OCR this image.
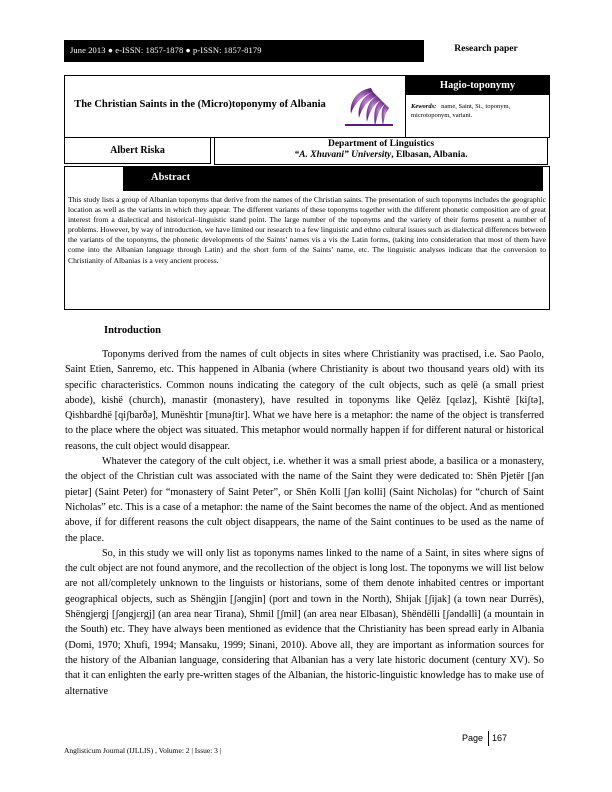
June 2013 ● e-ISSN: 1857-1878 ● p-ISSN: 1857-8179	Research paper
The Christian Saints in the (Micro)toponymy of Albania
Hagio-toponymy
Kewords: name, Saint, St., toponym, microtoponym, variant.
Albert Riska
Department of Linguistics
“A. Xhuvani” University, Elbasan, Albania.
Abstract
This study lists a group of Albanian toponyms that derive from the names of the Christian saints. The presentation of such toponyms includes the geographic location as well as the variants in which they appear. The different variants of these toponyms together with the different phonetic composition are of great interest from a dialectical and historical–linguistic stand point. The large number of the toponyms and the variety of their forms present a number of problems. However, by way of introduction, we have limited our research to a few linguistic and ethno cultural issues such as dialectical differences between the variants of the toponyms, the phonetic developments of the Saints’ names vis a vis the Latin forms, (taking into consideration that most of them have come into the Albanian language through Latin) and the short form of the Saints’ name, etc. The linguistic analyses indicate that the conversion to Christianity of Albanias is a very ancient process.
Introduction

Toponyms derived from the names of cult objects in sites where Christianity was practised, i.e. Sao Paolo, Saint Etien, Sanremo, etc. This happened in Albania (where Christianity is about two thousand years old) with its specific characteristics. Common nouns indicating the category of the cult objects, such as qelë (a small priest abode), kishë (church), manastir (monastery), have resulted in toponyms like Qelëz [qɛləz], Kishtë [kiʃtə], Qishbardhë [qiʃbarðə], Munështir [munəʃtir]. What we have here is a metaphor: the name of the object is transferred to the place where the object was situated. This metaphor would normally happen if for different natural or historical reasons, the cult object would disappear.

Whatever the category of the cult object, i.e. whether it was a small priest abode, a basilica or a monastery, the object of the Christian cult was associated with the name of the Saint they were dedicated to: Shën Pjetër [ʃən pietər] (Saint Peter) for “monastery of Saint Peter”, or Shën Kolli [ʃən kolli] (Saint Nicholas) for “church of Saint Nicholas” etc. This is a case of a metaphor: the name of the Saint becomes the name of the object. And as mentioned above, if for different reasons the cult object disappears, the name of the Saint continues to be used as the name of the place.

So, in this study we will only list as toponyms names linked to the name of a Saint, in sites where signs of the cult object are not found anymore, and the recollection of the object is long lost. The toponyms we will list below are not all/completely unknown to the linguists or historians, some of them denote inhabited centres or important geographical objects, such as Shëngjin [ʃəngjin] (port and town in the North), Shijak [ʃijak] (a town near Durrës), Shëngjergj [ʃəngjɛrgj] (an area near Tirana), Shmil [ʃmil] (an area near Elbasan), Shëndëlli [ʃəndəlli] (a mountain in the South) etc. They have always been mentioned as evidence that the Christianity has been spread early in Albania (Domi, 1970; Xhufi, 1994; Mansaku, 1999; Sinani, 2010). Above all, they are important as information sources for the history of the Albanian language, considering that Albanian has a very late historic document (century XV). So that it can enlighten the early pre-written stages of the Albanian, the historic-linguistic knowledge has to make use of alternative

Page 167
Anglisticum Journal (IJLLIS) , Volume: 2 | Issue: 3 |
